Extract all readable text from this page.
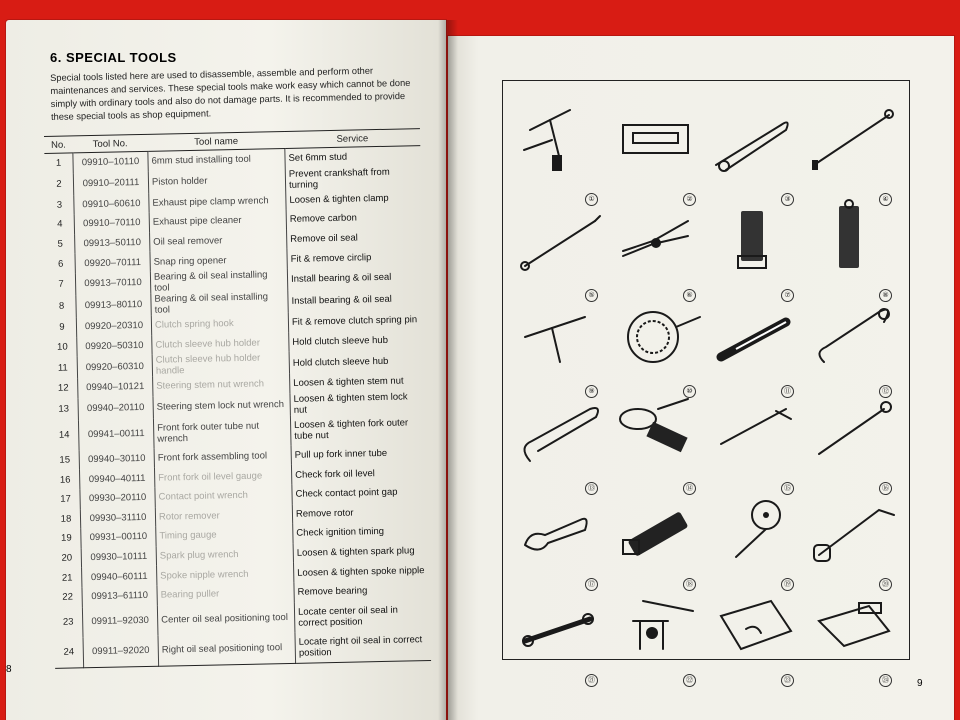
6. SPECIAL TOOLS
Special tools listed here are used to disassemble, assemble and perform other maintenances and services. These special tools make work easy which cannot be done simply with ordinary tools and also do not damage parts. It is recommended to provide these special tools as shop equipment.
No.	Tool No.	Tool name	Service
1	09910–10110	6mm stud installing tool	Set 6mm stud
2	09910–20111	Piston holder	Prevent crankshaft from turning
3	09910–60610	Exhaust pipe clamp wrench	Loosen & tighten clamp
4	09910–70110	Exhaust pipe cleaner	Remove carbon
5	09913–50110	Oil seal remover	Remove oil seal
6	09920–70111	Snap ring opener	Fit & remove circlip
7	09913–70110	Bearing & oil seal installing tool	Install bearing & oil seal
8	09913–80110	Bearing & oil seal installing tool	Install bearing & oil seal
9	09920–20310	Clutch spring hook	Fit & remove clutch spring pin
10	09920–50310	Clutch sleeve hub holder	Hold clutch sleeve hub
11	09920–60310	Clutch sleeve hub holder handle	Hold clutch sleeve hub
12	09940–10121	Steering stem nut wrench	Loosen & tighten stem nut
13	09940–20110	Steering stem lock nut wrench	Loosen & tighten stem lock nut
14	09941–00111	Front fork outer tube nut wrench	Loosen & tighten fork outer tube nut
15	09940–30110	Front fork assembling tool	Pull up fork inner tube
16	09940–40111	Front fork oil level gauge	Check fork oil level
17	09930–20110	Contact point wrench	Check contact point gap
18	09930–31110	Rotor remover	Remove rotor
19	09931–00110	Timing gauge	Check ignition timing
20	09930–10111	Spark plug wrench	Loosen & tighten spark plug
21	09940–60111	Spoke nipple wrench	Loosen & tighten spoke nipple
22	09913–61110	Bearing puller	Remove bearing
23	09911–92030	Center oil seal positioning tool	Locate center oil seal in correct position
24	09911–92020	Right oil seal positioning tool	Locate right oil seal in correct position
8
9
①	②	③	④
⑤	⑥	⑦	⑧
⑨	⑩	⑪	⑫
⑬	⑭	⑮	⑯
⑰	⑱	⑲	⑳
㉑	㉒	㉓	㉔
